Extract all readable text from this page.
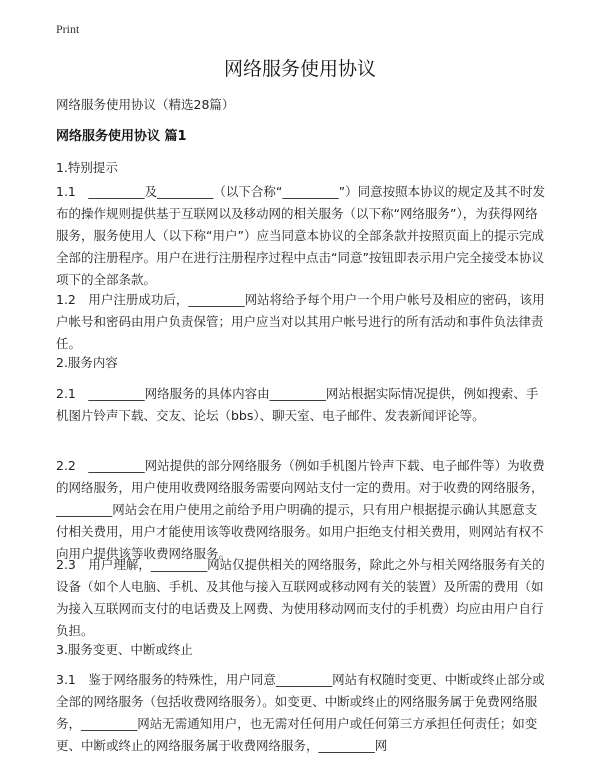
Print
网络服务使用协议
网络服务使用协议（精选28篇）
网络服务使用协议 篇1
1.特别提示

1.1　_________及_________（以下合称“_________”）同意按照本协议的规定及其不时发布的操作规则提供基于互联网以及移动网的相关服务（以下称“网络服务”），为获得网络服务，服务使用人（以下称“用户”）应当同意本协议的全部条款并按照页面上的提示完成全部的注册程序。用户在进行注册程序过程中点击“同意”按钮即表示用户完全接受本协议项下的全部条款。

1.2　用户注册成功后，_________网站将给予每个用户一个用户帐号及相应的密码，该用户帐号和密码由用户负责保管；用户应当对以其用户帐号进行的所有活动和事件负法律责任。

2.服务内容

2.1　_________网络服务的具体内容由_________网站根据实际情况提供，例如搜索、手机图片铃声下载、交友、论坛（bbs）、聊天室、电子邮件、发表新闻评论等。

2.2　_________网站提供的部分网络服务（例如手机图片铃声下载、电子邮件等）为收费的网络服务，用户使用收费网络服务需要向网站支付一定的费用。对于收费的网络服务，_________网站会在用户使用之前给予用户明确的提示，只有用户根据提示确认其愿意支付相关费用，用户才能使用该等收费网络服务。如用户拒绝支付相关费用，则网站有权不向用户提供该等收费网络服务。

2.3　用户理解，_________网站仅提供相关的网络服务，除此之外与相关网络服务有关的设备（如个人电脑、手机、及其他与接入互联网或移动网有关的装置）及所需的费用（如为接入互联网而支付的电话费及上网费、为使用移动网而支付的手机费）均应由用户自行负担。

3.服务变更、中断或终止

3.1　鉴于网络服务的特殊性，用户同意_________网站有权随时变更、中断或终止部分或全部的网络服务（包括收费网络服务）。如变更、中断或终止的网络服务属于免费网络服务，_________网站无需通知用户，也无需对任何用户或任何第三方承担任何责任；如变更、中断或终止的网络服务属于收费网络服务，_________网
